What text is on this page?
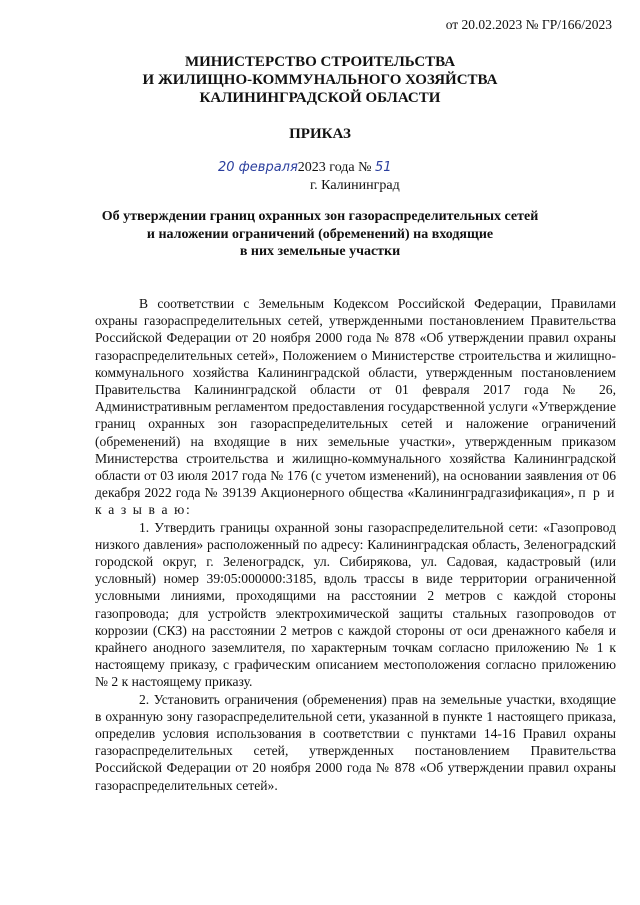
от 20.02.2023 № ГР/166/2023
МИНИСТЕРСТВО СТРОИТЕЛЬСТВА
И ЖИЛИЩНО-КОММУНАЛЬНОГО ХОЗЯЙСТВА
КАЛИНИНГРАДСКОЙ ОБЛАСТИ
ПРИКАЗ
20 февраля2023 года № 51
г. Калининград
Об утверждении границ охранных зон газораспределительных сетей
и наложении ограничений (обременений) на входящие
в них земельные участки

В соответствии с Земельным Кодексом Российской Федерации, Правилами охраны газораспределительных сетей, утвержденными постановлением Правительства Российской Федерации от 20 ноября 2000 года № 878 «Об утверждении правил охраны газораспределительных сетей», Положением о Министерстве строительства и жилищно-коммунального хозяйства Калининградской области, утвержденным постановлением Правительства Калининградской области от 01 февраля 2017 года № 26, Административным регламентом предоставления государственной услуги «Утверждение границ охранных зон газораспределительных сетей и наложение ограничений (обременений) на входящие в них земельные участки», утвержденным приказом Министерства строительства и жилищно-коммунального хозяйства Калининградской области от 03 июля 2017 года № 176 (с учетом изменений), на основании заявления от 06 декабря 2022 года № 39139 Акционерного общества «Калининградгазификация», п р и к а з ы в а ю:

1. Утвердить границы охранной зоны газораспределительной сети: «Газопровод низкого давления» расположенный по адресу: Калининградская область, Зеленоградский городской округ, г. Зеленоградск, ул. Сибирякова, ул. Садовая, кадастровый (или условный) номер 39:05:000000:3185, вдоль трассы в виде территории ограниченной условными линиями, проходящими на расстоянии 2 метров с каждой стороны газопровода; для устройств электрохимической защиты стальных газопроводов от коррозии (СКЗ) на расстоянии 2 метров с каждой стороны от оси дренажного кабеля и крайнего анодного заземлителя, по характерным точкам согласно приложению № 1 к настоящему приказу, с графическим описанием местоположения согласно приложению № 2 к настоящему приказу.

2. Установить ограничения (обременения) прав на земельные участки, входящие в охранную зону газораспределительной сети, указанной в пункте 1 настоящего приказа, определив условия использования в соответствии с пунктами 14-16 Правил охраны газораспределительных сетей, утвержденных постановлением Правительства Российской Федерации от 20 ноября 2000 года № 878 «Об утверждении правил охраны газораспределительных сетей».
